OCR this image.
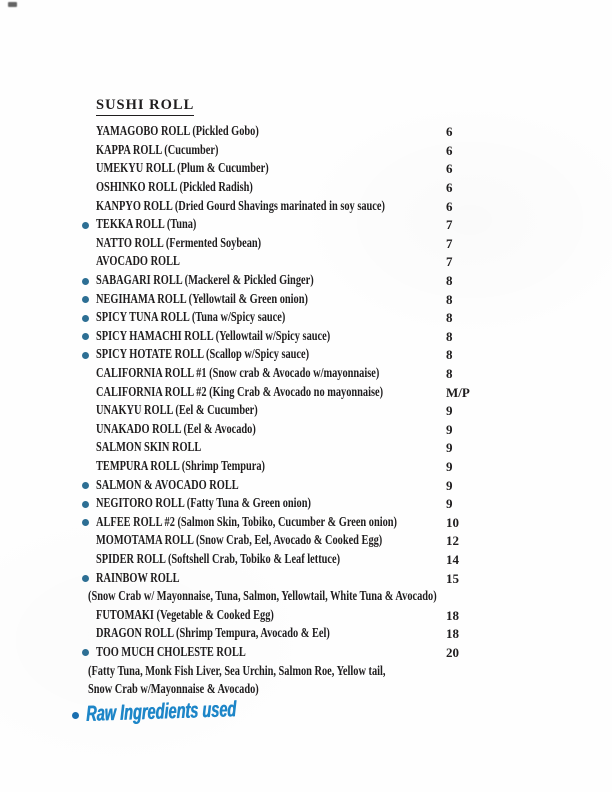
SUSHI ROLL
YAMAGOBO ROLL (Pickled Gobo)	6
KAPPA ROLL (Cucumber)	6
UMEKYU ROLL (Plum & Cucumber)	6
OSHINKO ROLL (Pickled Radish)	6
KANPYO ROLL (Dried Gourd Shavings marinated in soy sauce)	6
TEKKA ROLL (Tuna)	7
NATTO ROLL (Fermented Soybean)	7
AVOCADO ROLL	7
SABAGARI ROLL (Mackerel & Pickled Ginger)	8
NEGIHAMA ROLL (Yellowtail & Green onion)	8
SPICY TUNA ROLL (Tuna w/Spicy sauce)	8
SPICY HAMACHI ROLL (Yellowtail w/Spicy sauce)	8
SPICY HOTATE ROLL (Scallop w/Spicy sauce)	8
CALIFORNIA ROLL #1 (Snow crab & Avocado w/mayonnaise)	8
CALIFORNIA ROLL #2 (King Crab & Avocado no mayonnaise)	M/P
UNAKYU ROLL (Eel & Cucumber)	9
UNAKADO ROLL (Eel & Avocado)	9
SALMON SKIN ROLL	9
TEMPURA ROLL (Shrimp Tempura)	9
SALMON & AVOCADO ROLL	9
NEGITORO ROLL (Fatty Tuna & Green onion)	9
ALFEE ROLL #2 (Salmon Skin, Tobiko, Cucumber & Green onion)	10
MOMOTAMA ROLL (Snow Crab, Eel, Avocado & Cooked Egg)	12
SPIDER ROLL (Softshell Crab, Tobiko & Leaf lettuce)	14
RAINBOW ROLL	15
(Snow Crab w/ Mayonnaise, Tuna, Salmon, Yellowtail, White Tuna & Avocado)
FUTOMAKI (Vegetable & Cooked Egg)	18
DRAGON ROLL (Shrimp Tempura, Avocado & Eel)	18
TOO MUCH CHOLESTE ROLL	20
(Fatty Tuna, Monk Fish Liver, Sea Urchin, Salmon Roe, Yellow tail,
Snow Crab w/Mayonnaise & Avocado)
Raw Ingredients used
